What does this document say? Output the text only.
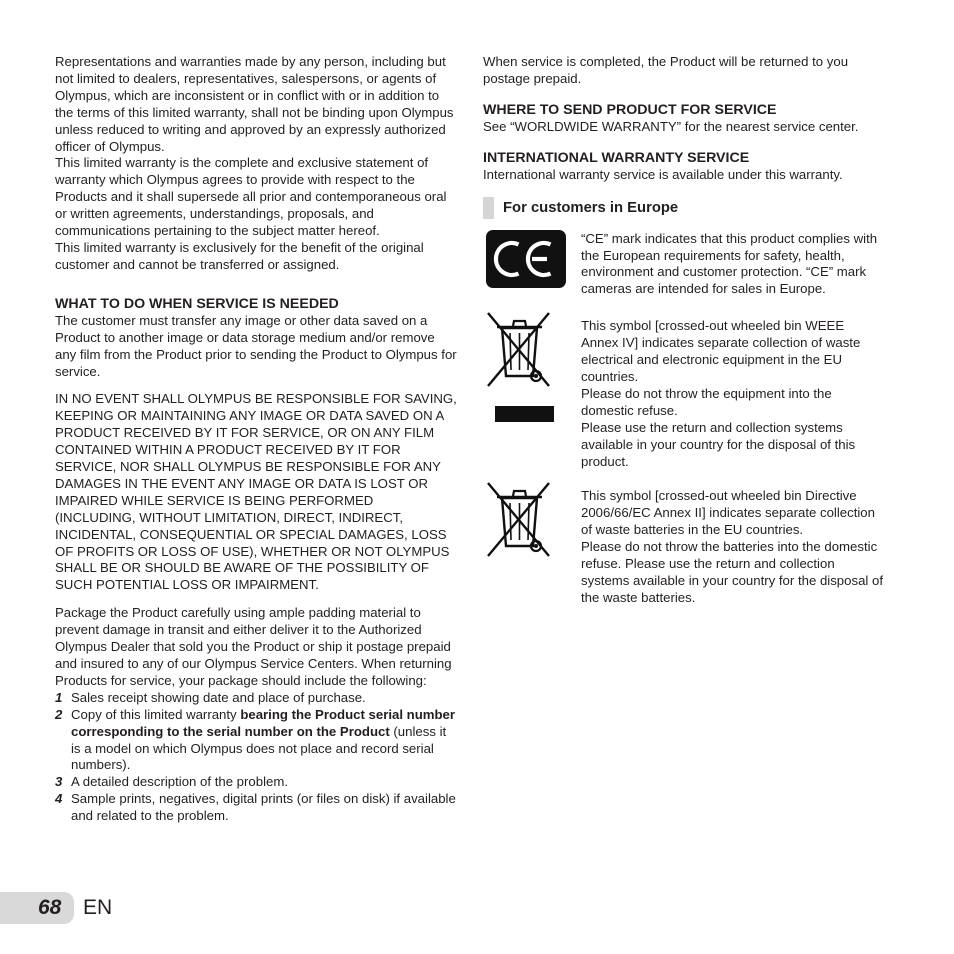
Representations and warranties made by any person, including but not limited to dealers, representatives, salespersons, or agents of Olympus, which are inconsistent or in conflict with or in addition to the terms of this limited warranty, shall not be binding upon Olympus unless reduced to writing and approved by an expressly authorized officer of Olympus.

This limited warranty is the complete and exclusive statement of warranty which Olympus agrees to provide with respect to the Products and it shall supersede all prior and contemporaneous oral or written agreements, understandings, proposals, and communications pertaining to the subject matter hereof.

This limited warranty is exclusively for the benefit of the original customer and cannot be transferred or assigned.

WHAT TO DO WHEN SERVICE IS NEEDED

The customer must transfer any image or other data saved on a Product to another image or data storage medium and/or remove any film from the Product prior to sending the Product to Olympus for service.

IN NO EVENT SHALL OLYMPUS BE RESPONSIBLE FOR SAVING, KEEPING OR MAINTAINING ANY IMAGE OR DATA SAVED ON A PRODUCT RECEIVED BY IT FOR SERVICE, OR ON ANY FILM CONTAINED WITHIN A PRODUCT RECEIVED BY IT FOR SERVICE, NOR SHALL OLYMPUS BE RESPONSIBLE FOR ANY DAMAGES IN THE EVENT ANY IMAGE OR DATA IS LOST OR IMPAIRED WHILE SERVICE IS BEING PERFORMED (INCLUDING, WITHOUT LIMITATION, DIRECT, INDIRECT, INCIDENTAL, CONSEQUENTIAL OR SPECIAL DAMAGES, LOSS OF PROFITS OR LOSS OF USE), WHETHER OR NOT OLYMPUS SHALL BE OR SHOULD BE AWARE OF THE POSSIBILITY OF SUCH POTENTIAL LOSS OR IMPAIRMENT.

Package the Product carefully using ample padding material to prevent damage in transit and either deliver it to the Authorized Olympus Dealer that sold you the Product or ship it postage prepaid and insured to any of our Olympus Service Centers. When returning Products for service, your package should include the following:

1 Sales receipt showing date and place of purchase.
2 Copy of this limited warranty bearing the Product serial number corresponding to the serial number on the Product (unless it is a model on which Olympus does not place and record serial numbers).
3 A detailed description of the problem.
4 Sample prints, negatives, digital prints (or files on disk) if available and related to the problem.

When service is completed, the Product will be returned to you postage prepaid.

WHERE TO SEND PRODUCT FOR SERVICE

See “WORLDWIDE WARRANTY” for the nearest service center.

INTERNATIONAL WARRANTY SERVICE

International warranty service is available under this warranty.

For customers in Europe

“CE” mark indicates that this product complies with the European requirements for safety, health, environment and customer protection. “CE” mark cameras are intended for sales in Europe.

This symbol [crossed-out wheeled bin WEEE Annex IV] indicates separate collection of waste electrical and electronic equipment in the EU countries.

Please do not throw the equipment into the domestic refuse.

Please use the return and collection systems available in your country for the disposal of this product.

This symbol [crossed-out wheeled bin Directive 2006/66/EC Annex II] indicates separate collection of waste batteries in the EU countries.

Please do not throw the batteries into the domestic refuse. Please use the return and collection systems available in your country for the disposal of the waste batteries.

68 EN
